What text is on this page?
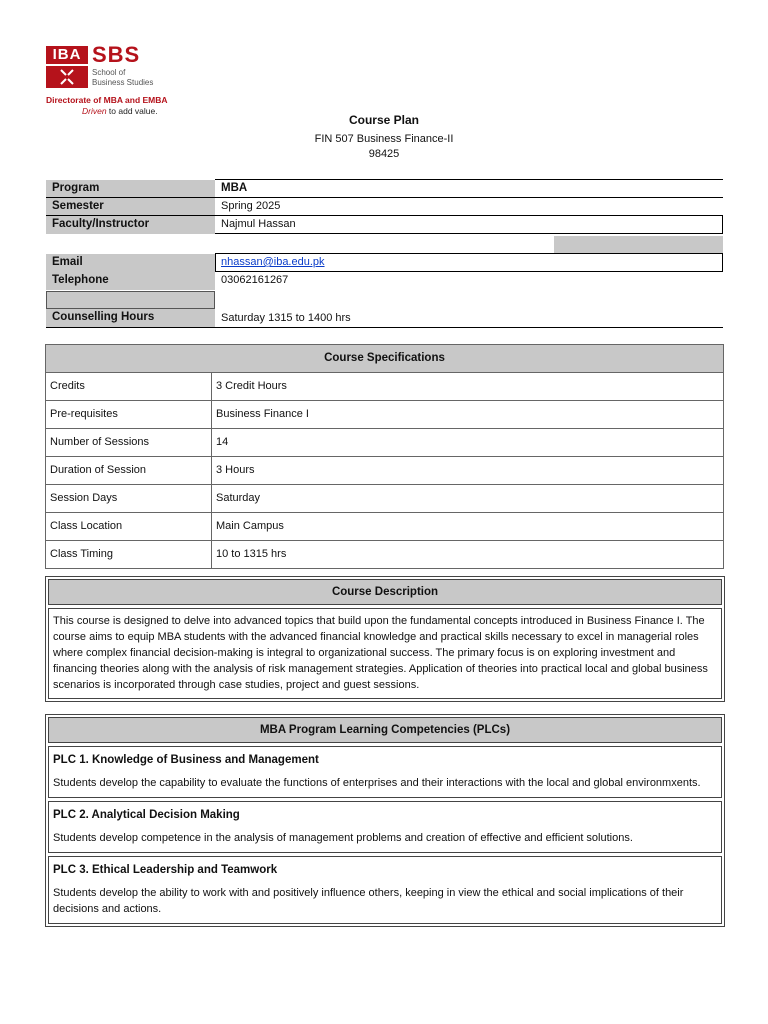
IBA SBS
School of
Business Studies
Directorate of MBA and EMBA
Driven to add value.
Course Plan
FIN 507 Business Finance-II
98425
Program	MBA
Semester	Spring 2025
Faculty/Instructor	Najmul Hassan
Email	nhassan@iba.edu.pk
Telephone	03062161267
Counselling Hours	Saturday 1315 to 1400 hrs
Course Specifications
Credits	3 Credit Hours
Pre-requisites	Business Finance I
Number of Sessions	14
Duration of Session	3 Hours
Session Days	Saturday
Class Location	Main Campus
Class Timing	10 to 1315 hrs
Course Description
This course is designed to delve into advanced topics that build upon the fundamental concepts introduced in Business Finance I. The course aims to equip MBA students with the advanced financial knowledge and practical skills necessary to excel in managerial roles where complex financial decision-making is integral to organizational success. The primary focus is on exploring investment and financing theories along with the analysis of risk management strategies. Application of theories into practical local and global business scenarios is incorporated through case studies, project and guest sessions.
MBA Program Learning Competencies (PLCs)
PLC 1. Knowledge of Business and Management
Students develop the capability to evaluate the functions of enterprises and their interactions with the local and global environmxents.
PLC 2. Analytical Decision Making
Students develop competence in the analysis of management problems and creation of effective and efficient solutions.
PLC 3. Ethical Leadership and Teamwork
Students develop the ability to work with and positively influence others, keeping in view the ethical and social implications of their decisions and actions.
